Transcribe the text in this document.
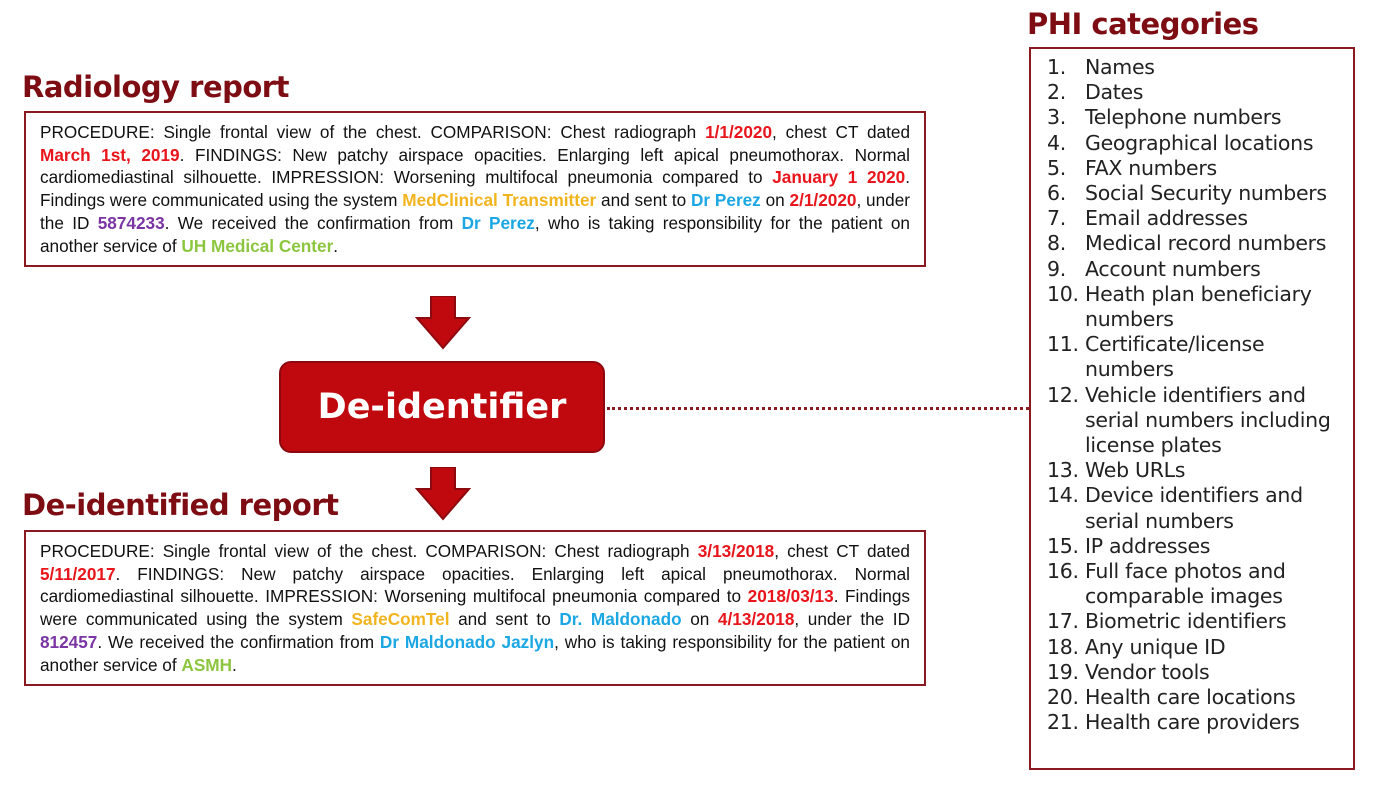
Radiology report

PROCEDURE: Single frontal view of the chest. COMPARISON: Chest radiograph 1/1/2020, chest CT dated March 1st, 2019. FINDINGS: New patchy airspace opacities. Enlarging left apical pneumothorax. Normal cardiomediastinal silhouette. IMPRESSION: Worsening multifocal pneumonia compared to January 1 2020. Findings were communicated using the system MedClinical Transmitter and sent to Dr Perez on 2/1/2020, under the ID 5874233. We received the confirmation from Dr Perez, who is taking responsibility for the patient on another service of UH Medical Center.

De-identifier
De-identified report

PROCEDURE: Single frontal view of the chest. COMPARISON: Chest radiograph 3/13/2018, chest CT dated 5/11/2017. FINDINGS: New patchy airspace opacities. Enlarging left apical pneumothorax. Normal cardiomediastinal silhouette. IMPRESSION: Worsening multifocal pneumonia compared to 2018/03/13. Findings were communicated using the system SafeComTel and sent to Dr. Maldonado on 4/13/2018, under the ID 812457. We received the confirmation from Dr Maldonado Jazlyn, who is taking responsibility for the patient on another service of ASMH.

PHI categories
1. Names
2. Dates
3. Telephone numbers
4. Geographical locations
5. FAX numbers
6. Social Security numbers
7. Email addresses
8. Medical record numbers
9. Account numbers
10. Heath plan beneficiary numbers
11. Certificate/license numbers
12. Vehicle identifiers and serial numbers including license plates
13. Web URLs
14. Device identifiers and serial numbers
15. IP addresses
16. Full face photos and comparable images
17. Biometric identifiers
18. Any unique ID
19. Vendor tools
20. Health care locations
21. Health care providers
